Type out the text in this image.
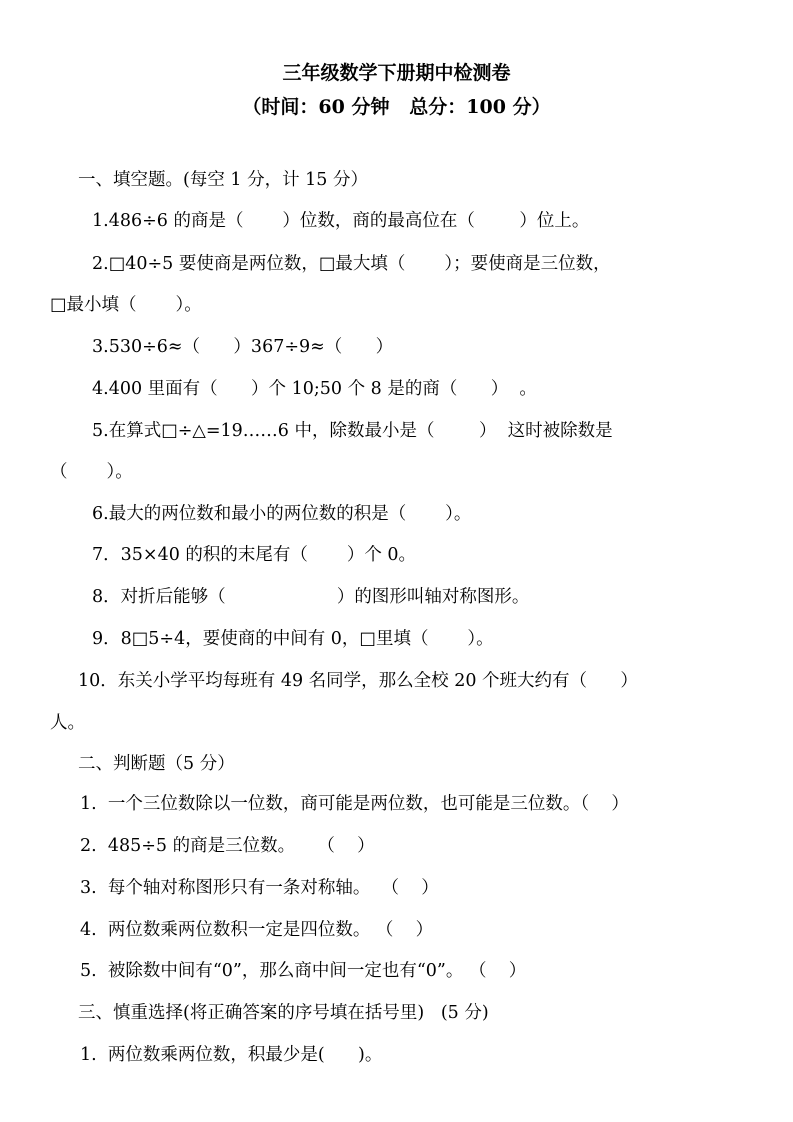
三年级数学下册期中检测卷
（时间：60 分钟   总分：100 分）
一、填空题。(每空 1 分，计 15 分）
1.486÷6 的商是（       ）位数，商的最高位在（        ）位上。
2.□40÷5 要使商是两位数，□最大填（       ）；要使商是三位数，
□最小填（       ）。
3.530÷6≈（      ）367÷9≈（      ）
4.400 里面有（      ）个 10;50 个 8 是的商（      ）  。
5.在算式□÷△=19……6 中，除数最小是（        ）  这时被除数是
（       ）。
6.最大的两位数和最小的两位数的积是（       ）。
7．35×40 的积的末尾有（       ）个 0。
8．对折后能够（                    ）的图形叫轴对称图形。
9．8□5÷4，要使商的中间有 0，□里填（       ）。
10．东关小学平均每班有 49 名同学，那么全校 20 个班大约有（      ）
人。
二、判断题（5 分）
1.  一个三位数除以一位数，商可能是两位数，也可能是三位数。（    ）
2.  485÷5 的商是三位数。    （    ）
3.  每个轴对称图形只有一条对称轴。  （    ）
4.  两位数乘两位数积一定是四位数。 （    ）
5.  被除数中间有“0”，那么商中间一定也有“0”。 （    ）
三、慎重选择(将正确答案的序号填在括号里)   (5 分)
1.  两位数乘两位数，积最少是(      )。
